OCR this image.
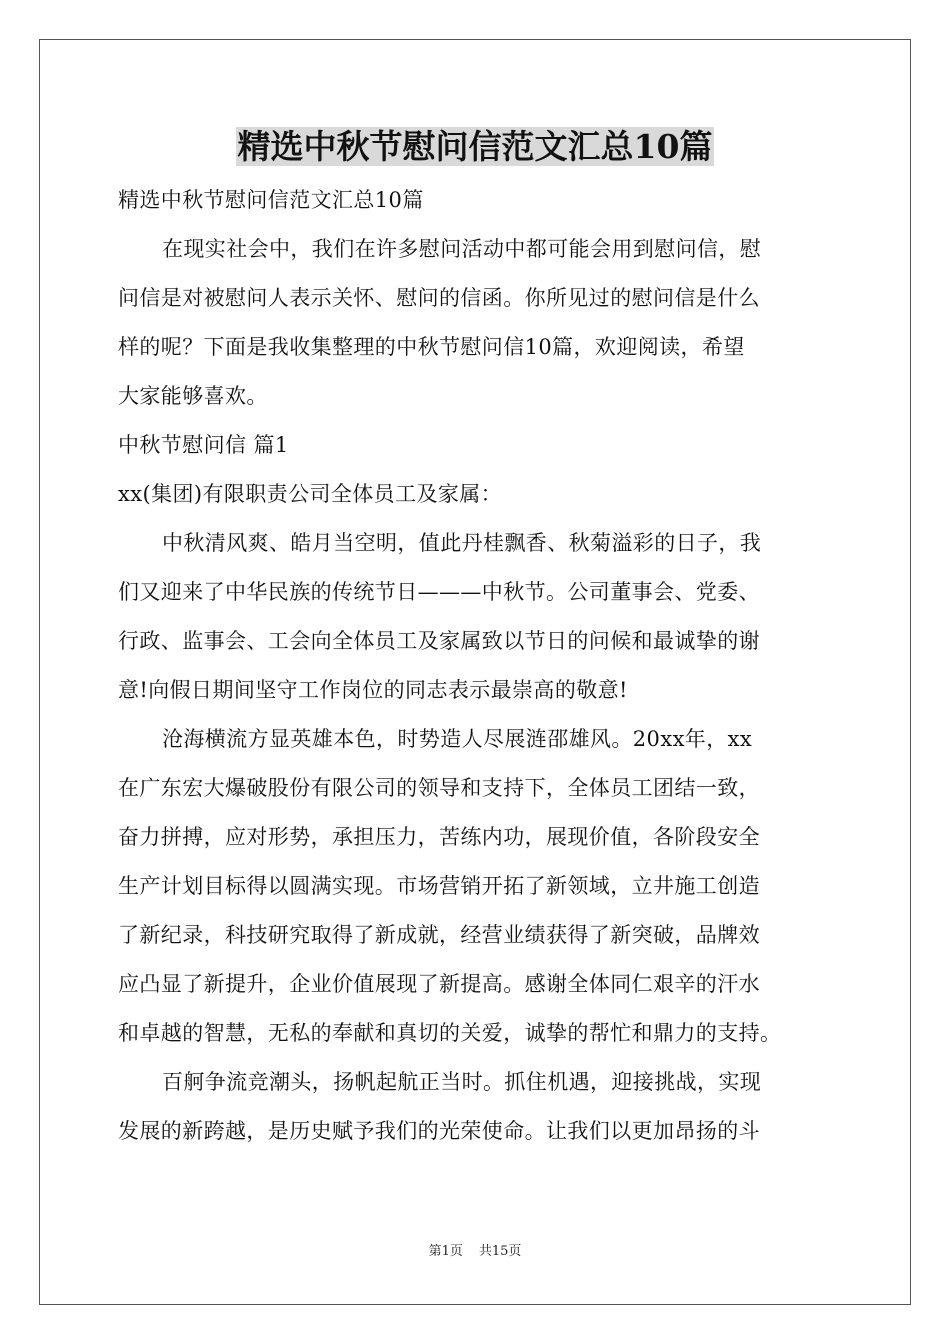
精选中秋节慰问信范文汇总10篇

精选中秋节慰问信范文汇总10篇

在现实社会中，我们在许多慰问活动中都可能会用到慰问信，慰

问信是对被慰问人表示关怀、慰问的信函。你所见过的慰问信是什么

样的呢？下面是我收集整理的中秋节慰问信10篇，欢迎阅读，希望

大家能够喜欢。

中秋节慰问信 篇1

xx(集团)有限职责公司全体员工及家属：

中秋清风爽、皓月当空明，值此丹桂飘香、秋菊溢彩的日子，我

们又迎来了中华民族的传统节日———中秋节。公司董事会、党委、

行政、监事会、工会向全体员工及家属致以节日的问候和最诚挚的谢

意!向假日期间坚守工作岗位的同志表示最崇高的敬意!

沧海横流方显英雄本色，时势造人尽展涟邵雄风。20xx年，xx

在广东宏大爆破股份有限公司的领导和支持下，全体员工团结一致，

奋力拼搏，应对形势，承担压力，苦练内功，展现价值，各阶段安全

生产计划目标得以圆满实现。市场营销开拓了新领域，立井施工创造

了新纪录，科技研究取得了新成就，经营业绩获得了新突破，品牌效

应凸显了新提升，企业价值展现了新提高。感谢全体同仁艰辛的汗水

和卓越的智慧，无私的奉献和真切的关爱，诚挚的帮忙和鼎力的支持。

百舸争流竞潮头，扬帆起航正当时。抓住机遇，迎接挑战，实现

发展的新跨越，是历史赋予我们的光荣使命。让我们以更加昂扬的斗

第1页 共15页
